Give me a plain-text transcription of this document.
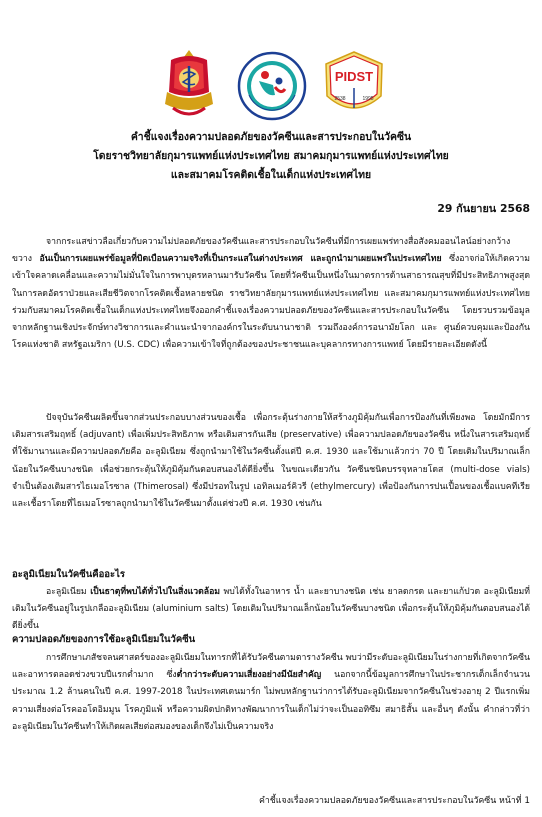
PIDST
2538	1995
คำชี้แจงเรื่องความปลอดภัยของวัคซีนและสารประกอบในวัคซีน
โดยราชวิทยาลัยกุมารแพทย์แห่งประเทศไทย สมาคมกุมารแพทย์แห่งประเทศไทย
และสมาคมโรคติดเชื้อในเด็กแห่งประเทศไทย
29 กันยายน 2568

จากกระแสข่าวลือเกี่ยวกับความไม่ปลอดภัยของวัคซีนและสารประกอบในวัคซีนที่มีการเผยแพร่ทางสื่อสังคมออนไลน์อย่างกว้างขวาง อันเป็นการเผยแพร่ข้อมูลที่บิดเบือนความจริงที่เป็นกระแสในต่างประเทศ และถูกนำมาเผยแพร่ในประเทศไทย ซึ่งอาจก่อให้เกิดความเข้าใจคลาดเคลื่อนและความไม่มั่นใจในการพาบุตรหลานมารับวัคซีน โดยที่วัคซีนเป็นหนึ่งในมาตรการด้านสาธารณสุขที่มีประสิทธิภาพสูงสุดในการลดอัตราป่วยและเสียชีวิตจากโรคติดเชื้อหลายชนิด ราชวิทยาลัยกุมารแพทย์แห่งประเทศไทย และสมาคมกุมารแพทย์แห่งประเทศไทย ร่วมกับสมาคมโรคติดเชื้อในเด็กแห่งประเทศไทยจึงออกคำชี้แจงเรื่องความปลอดภัยของวัคซีนและสารประกอบในวัคซีน โดยรวบรวมข้อมูลจากหลักฐานเชิงประจักษ์ทางวิชาการและคำแนะนำจากองค์กรในระดับนานาชาติ รวมถึงองค์การอนามัยโลก และ ศูนย์ควบคุมและป้องกันโรคแห่งชาติ สหรัฐอเมริกา (U.S. CDC) เพื่อความเข้าใจที่ถูกต้องของประชาชนและบุคลากรทางการแพทย์ โดยมีรายละเอียดดังนี้

ปัจจุบันวัคซีนผลิตขึ้นจากส่วนประกอบบางส่วนของเชื้อ เพื่อกระตุ้นร่างกายให้สร้างภูมิคุ้มกันเพื่อการป้องกันที่เพียงพอ โดยมักมีการเติมสารเสริมฤทธิ์ (adjuvant) เพื่อเพิ่มประสิทธิภาพ หรือเติมสารกันเสีย (preservative) เพื่อความปลอดภัยของวัคซีน หนึ่งในสารเสริมฤทธิ์ที่ใช้มานานและมีความปลอดภัยคือ อะลูมิเนียม ซึ่งถูกนำมาใช้ในวัคซีนตั้งแต่ปี ค.ศ. 1930 และใช้มาแล้วกว่า 70 ปี โดยเติมในปริมาณเล็กน้อยในวัคซีนบางชนิด เพื่อช่วยกระตุ้นให้ภูมิคุ้มกันตอบสนองได้ดียิ่งขึ้น ในขณะเดียวกัน วัคซีนชนิดบรรจุหลายโดส (multi-dose vials) จำเป็นต้องเติมสารไธเมอโรซาล (Thimerosal) ซึ่งมีปรอทในรูป เอทิลเมอร์คิวรี (ethylmercury) เพื่อป้องกันการปนเปื้อนของเชื้อแบคทีเรียและเชื้อราโดยที่ไธเมอโรซาลถูกนำมาใช้ในวัคซีนมาตั้งแต่ช่วงปี ค.ศ. 1930 เช่นกัน

อะลูมิเนียมในวัคซีนคืออะไร

อะลูมิเนียม เป็นธาตุที่พบได้ทั่วไปในสิ่งแวดล้อม พบได้ทั้งในอาหาร น้ำ และยาบางชนิด เช่น ยาลดกรด และยาแก้ปวด อะลูมิเนียมที่เติมในวัคซีนอยู่ในรูปเกลืออะลูมิเนียม (aluminium salts) โดยเติมในปริมาณเล็กน้อยในวัคซีนบางชนิด เพื่อกระตุ้นให้ภูมิคุ้มกันตอบสนองได้ดียิ่งขึ้น

ความปลอดภัยของการใช้อะลูมิเนียมในวัคซีน

การศึกษาเภสัชจลนศาสตร์ของอะลูมิเนียมในทารกที่ได้รับวัคซีนตามตารางวัคซีน พบว่ามีระดับอะลูมิเนียมในร่างกายที่เกิดจากวัคซีนและอาหารตลอดช่วงขวบปีแรกต่ำมาก ซึ่งต่ำกว่าระดับความเสี่ยงอย่างมีนัยสำคัญ นอกจากนี้ข้อมูลการศึกษาในประชากรเด็กเล็กจำนวนประมาณ 1.2 ล้านคนในปี ค.ศ. 1997-2018 ในประเทศเดนมาร์ก ไม่พบหลักฐานว่าการได้รับอะลูมิเนียมจากวัคซีนในช่วงอายุ 2 ปีแรกเพิ่มความเสี่ยงต่อโรคออโตอิมมูน โรคภูมิแพ้ หรือความผิดปกติทางพัฒนาการในเด็กไม่ว่าจะเป็นออทิซึม สมาธิสั้น และอื่นๆ ดังนั้น คำกล่าวที่ว่า อะลูมิเนียมในวัคซีนทำให้เกิดผลเสียต่อสมองของเด็กจึงไม่เป็นความจริง

คำชี้แจงเรื่องความปลอดภัยของวัคซีนและสารประกอบในวัคซีน หน้าที่ 1
